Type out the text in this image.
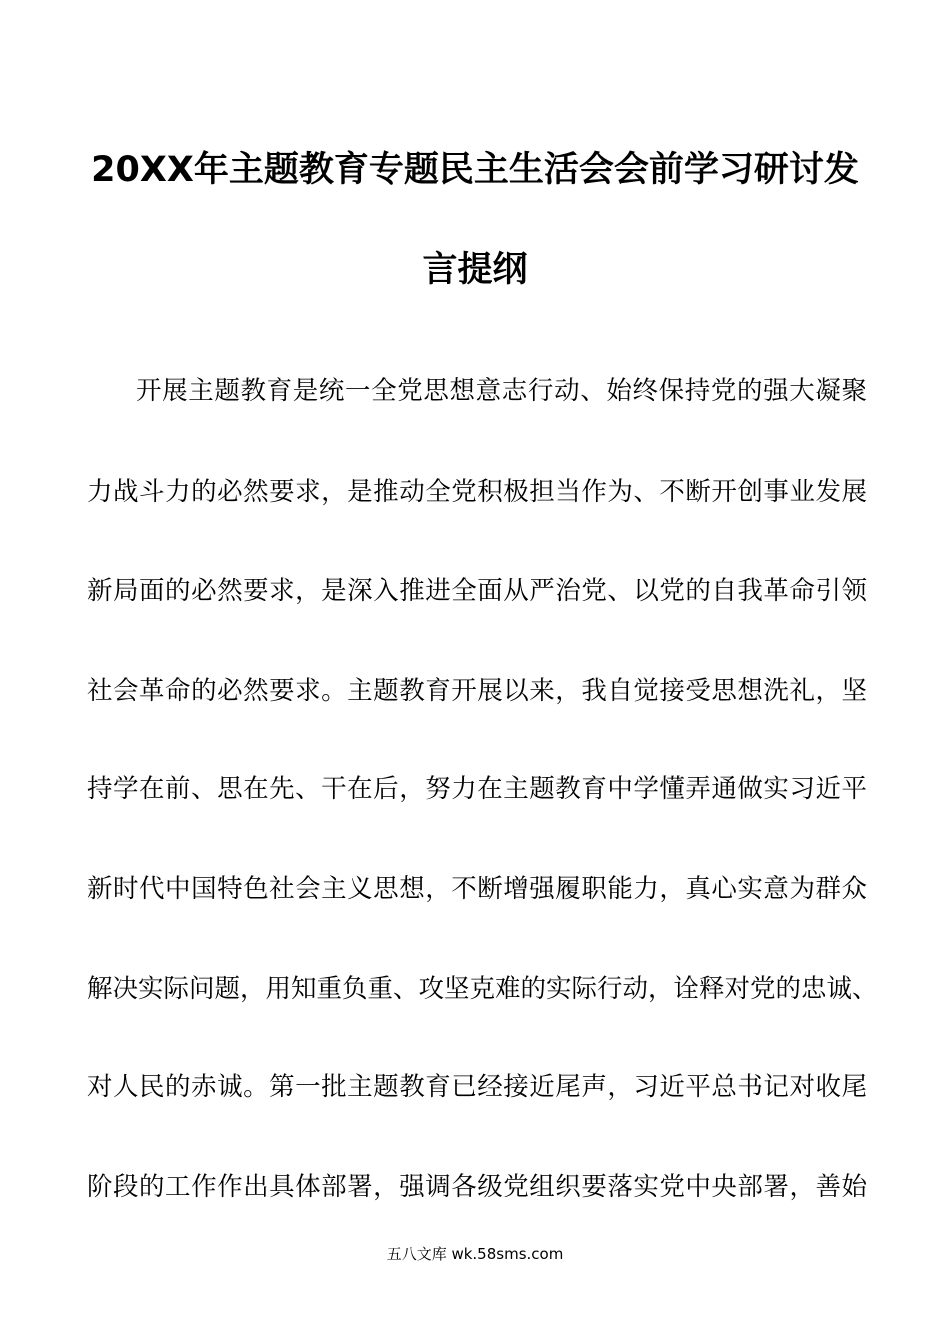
20XX年主题教育专题民主生活会会前学习研讨发
言提纲
开展主题教育是统一全党思想意志行动、始终保持党的强大凝聚
力战斗力的必然要求，是推动全党积极担当作为、不断开创事业发展
新局面的必然要求，是深入推进全面从严治党、以党的自我革命引领
社会革命的必然要求。主题教育开展以来，我自觉接受思想洗礼，坚
持学在前、思在先、干在后，努力在主题教育中学懂弄通做实习近平
新时代中国特色社会主义思想，不断增强履职能力，真心实意为群众
解决实际问题，用知重负重、攻坚克难的实际行动，诠释对党的忠诚、
对人民的赤诚。第一批主题教育已经接近尾声，习近平总书记对收尾
阶段的工作作出具体部署，强调各级党组织要落实党中央部署，善始
五八文库 wk.58sms.com
